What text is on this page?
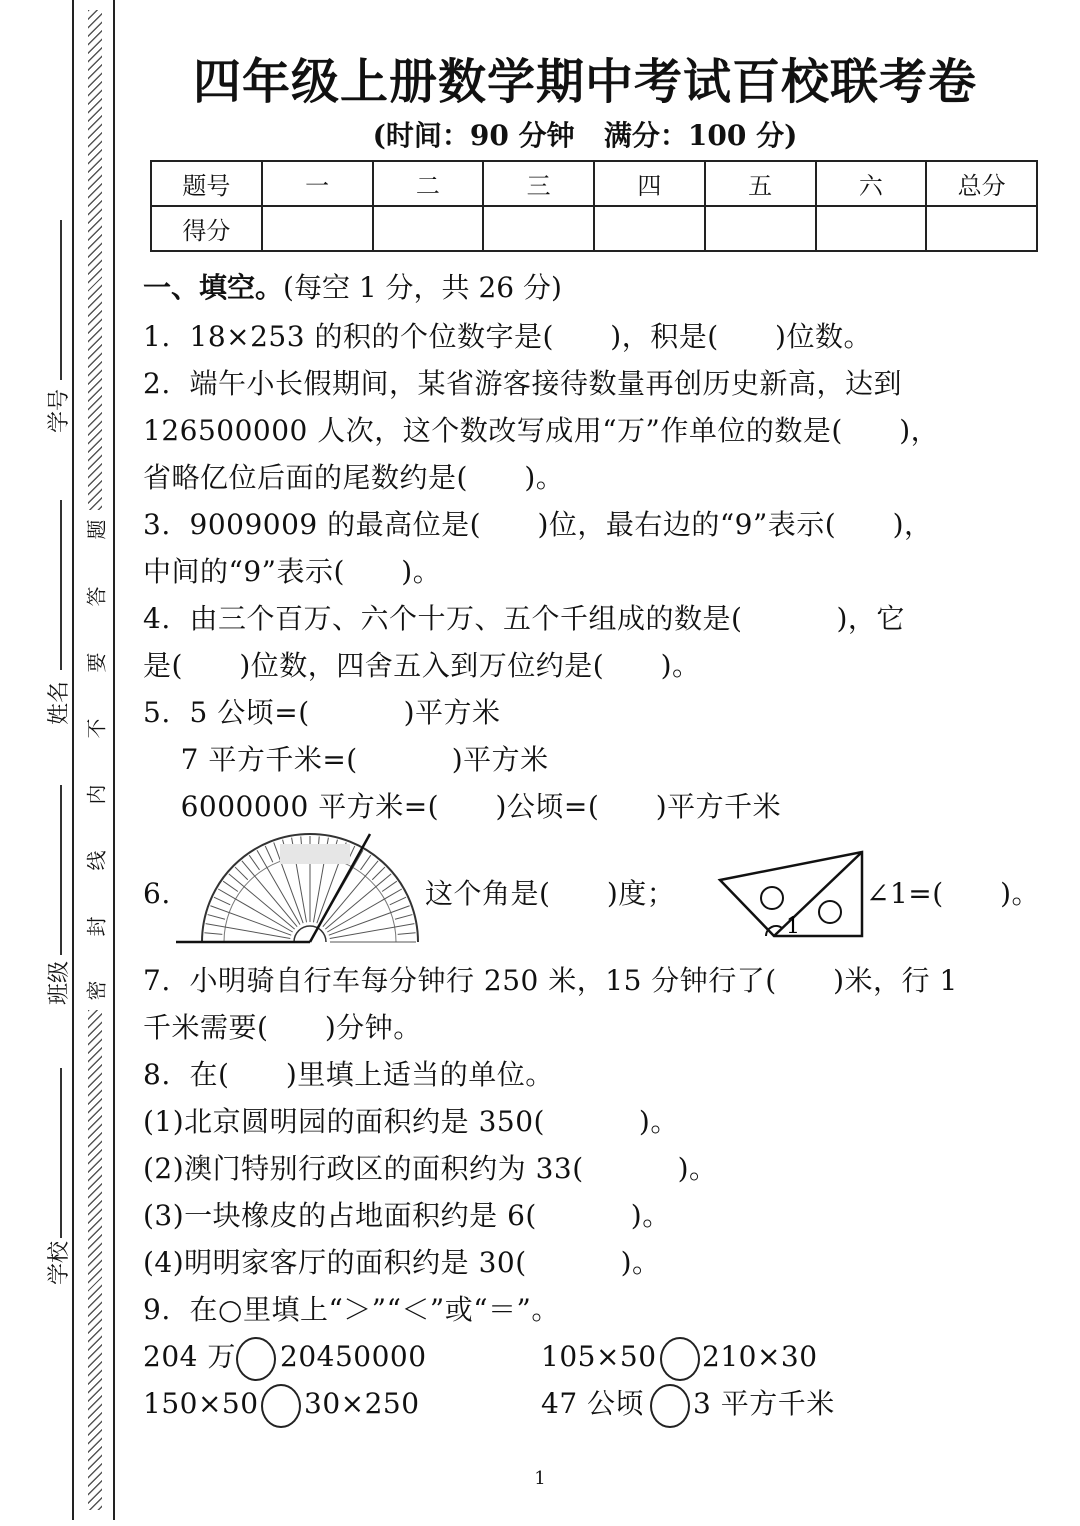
题
答
要
不
内
线
封
密
学号
姓名
班级
学校
四年级上册数学期中考试百校联考卷
(时间：90 分钟   满分：100 分)
题号	一	二	三	四	五	六	总分
得分							
一、填空。(每空 1 分，共 26 分)
1.  18×253 的积的个位数字是(      )，积是(      )位数。
2.  端午小长假期间，某省游客接待数量再创历史新高，达到
126500000 人次，这个数改写成用“万”作单位的数是(      )，
省略亿位后面的尾数约是(      )。
3.  9009009 的最高位是(      )位，最右边的“9”表示(      )，
中间的“9”表示(      )。
4.  由三个百万、六个十万、五个千组成的数是(          )，它
是(      )位数，四舍五入到万位约是(      )。
5.  5 公顷=(          )平方米
7 平方千米=(          )平方米
6000000 平方米=(      )公顷=(      )平方千米
6.	这个角是(      )度；
1
∠1=(      )。
7.  小明骑自行车每分钟行 250 米，15 分钟行了(      )米，行 1
千米需要(      )分钟。
8.  在(      )里填上适当的单位。
(1)北京圆明园的面积约是 350(          )。
(2)澳门特别行政区的面积约为 33(          )。
(3)一块橡皮的占地面积约是 6(          )。
(4)明明家客厅的面积约是 30(          )。
9.  在○里填上“＞”“＜”或“＝”。
204 万 20450000	105×50 210×30
150×50 30×250	47 公顷 3 平方千米
1
